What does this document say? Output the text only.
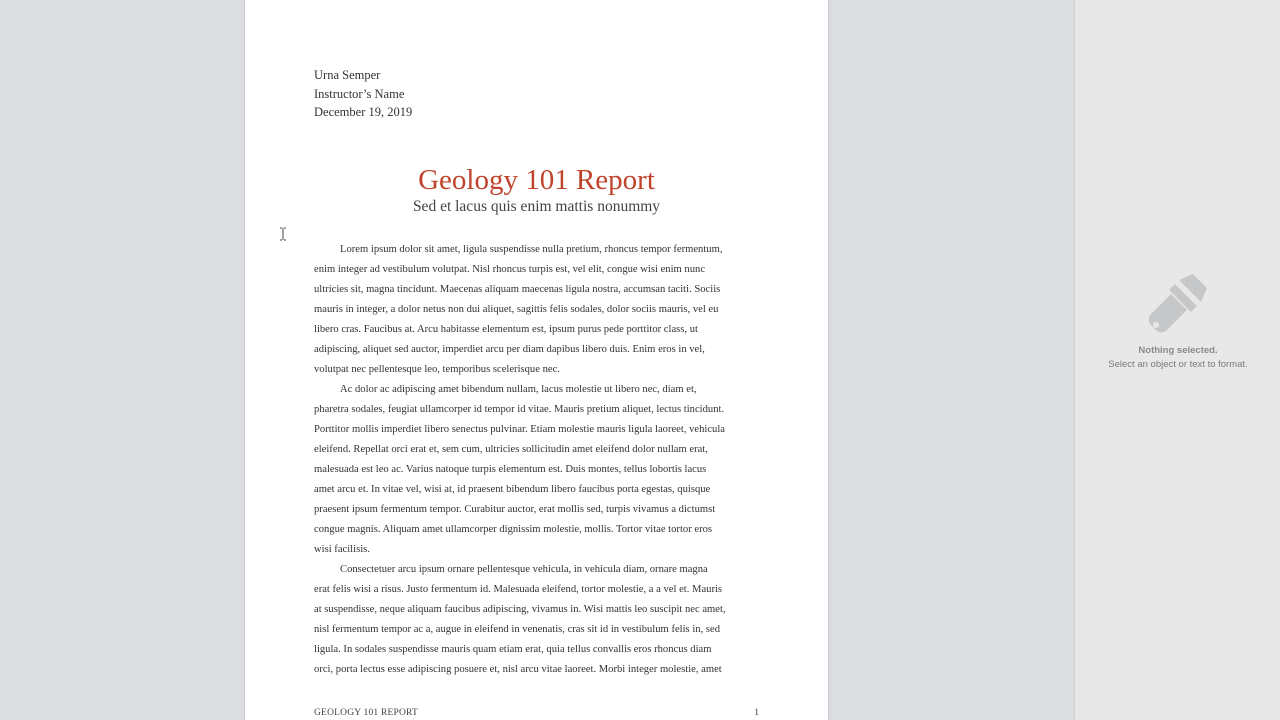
Urna Semper
Instructor’s Name
December 19, 2019
Geology 101 Report
Sed et lacus quis enim mattis nonummy

Lorem ipsum dolor sit amet, ligula suspendisse nulla pretium, rhoncus tempor fermentum,
enim integer ad vestibulum volutpat. Nisl rhoncus turpis est, vel elit, congue wisi enim nunc
ultricies sit, magna tincidunt. Maecenas aliquam maecenas ligula nostra, accumsan taciti. Sociis
mauris in integer, a dolor netus non dui aliquet, sagittis felis sodales, dolor sociis mauris, vel eu
libero cras. Faucibus at. Arcu habitasse elementum est, ipsum purus pede porttitor class, ut
adipiscing, aliquet sed auctor, imperdiet arcu per diam dapibus libero duis. Enim eros in vel,
volutpat nec pellentesque leo, temporibus scelerisque nec.

Ac dolor ac adipiscing amet bibendum nullam, lacus molestie ut libero nec, diam et,
pharetra sodales, feugiat ullamcorper id tempor id vitae. Mauris pretium aliquet, lectus tincidunt.
Porttitor mollis imperdiet libero senectus pulvinar. Etiam molestie mauris ligula laoreet, vehicula
eleifend. Repellat orci erat et, sem cum, ultricies sollicitudin amet eleifend dolor nullam erat,
malesuada est leo ac. Varius natoque turpis elementum est. Duis montes, tellus lobortis lacus
amet arcu et. In vitae vel, wisi at, id praesent bibendum libero faucibus porta egestas, quisque
praesent ipsum fermentum tempor. Curabitur auctor, erat mollis sed, turpis vivamus a dictumst
congue magnis. Aliquam amet ullamcorper dignissim molestie, mollis. Tortor vitae tortor eros
wisi facilisis.

Consectetuer arcu ipsum ornare pellentesque vehicula, in vehicula diam, ornare magna
erat felis wisi a risus. Justo fermentum id. Malesuada eleifend, tortor molestie, a a vel et. Mauris
at suspendisse, neque aliquam faucibus adipiscing, vivamus in. Wisi mattis leo suscipit nec amet,
nisl fermentum tempor ac a, augue in eleifend in venenatis, cras sit id in vestibulum felis in, sed
ligula. In sodales suspendisse mauris quam etiam erat, quia tellus convallis eros rhoncus diam
orci, porta lectus esse adipiscing posuere et, nisl arcu vitae laoreet. Morbi integer molestie, amet

GEOLOGY 101 REPORT	1
Nothing selected.
Select an object or text to format.
